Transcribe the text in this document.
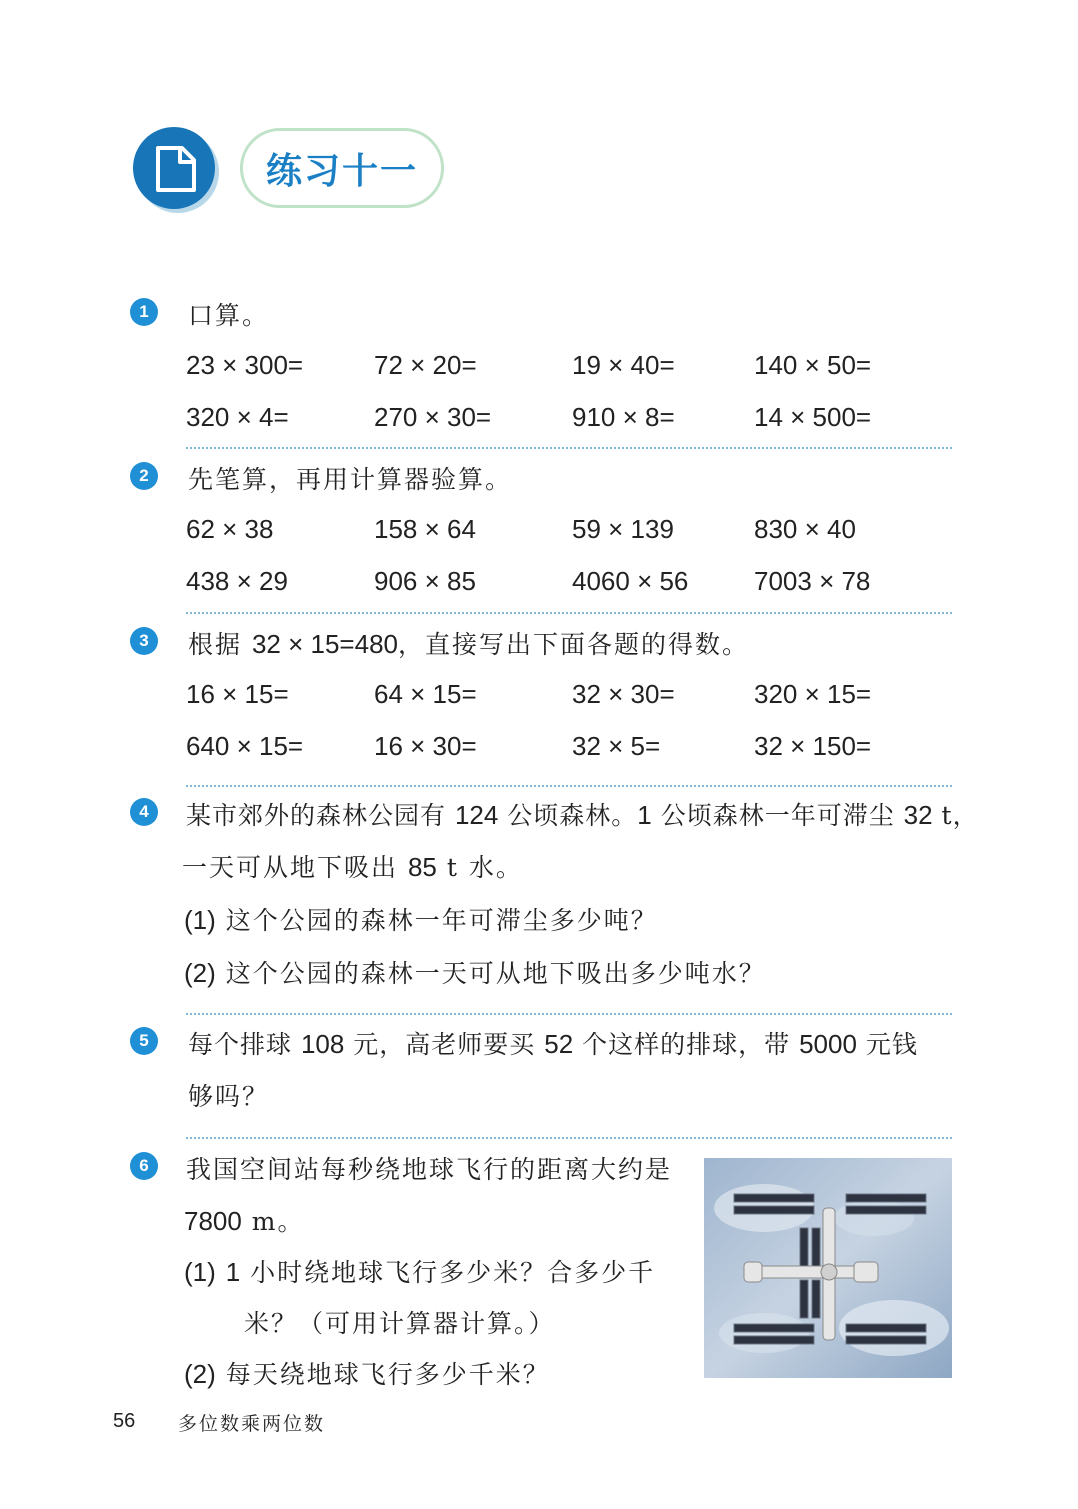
练习十一
1	口算。
23 × 300=	72 × 20=	19 × 40=	140 × 50=
320 × 4=	270 × 30=	910 × 8=	14 × 500=
2	先笔算，再用计算器验算。
62 × 38	158 × 64	59 × 139	830 × 40
438 × 29	906 × 85	4060 × 56	7003 × 78
3	根据 32 × 15=480，直接写出下面各题的得数。
16 × 15=	64 × 15=	32 × 30=	320 × 15=
640 × 15=	16 × 30=	32 × 5=	32 × 150=
4	某市郊外的森林公园有 124 公顷森林。1 公顷森林一年可滞尘 32 t，
一天可从地下吸出 85 t 水。
(1) 这个公园的森林一年可滞尘多少吨？
(2) 这个公园的森林一天可从地下吸出多少吨水？
5	每个排球 108 元，高老师要买 52 个这样的排球，带 5000 元钱
够吗？
6	我国空间站每秒绕地球飞行的距离大约是
7800 m。
(1) 1 小时绕地球飞行多少米？合多少千
米？（可用计算器计算。）
(2) 每天绕地球飞行多少千米？
56 多位数乘两位数
